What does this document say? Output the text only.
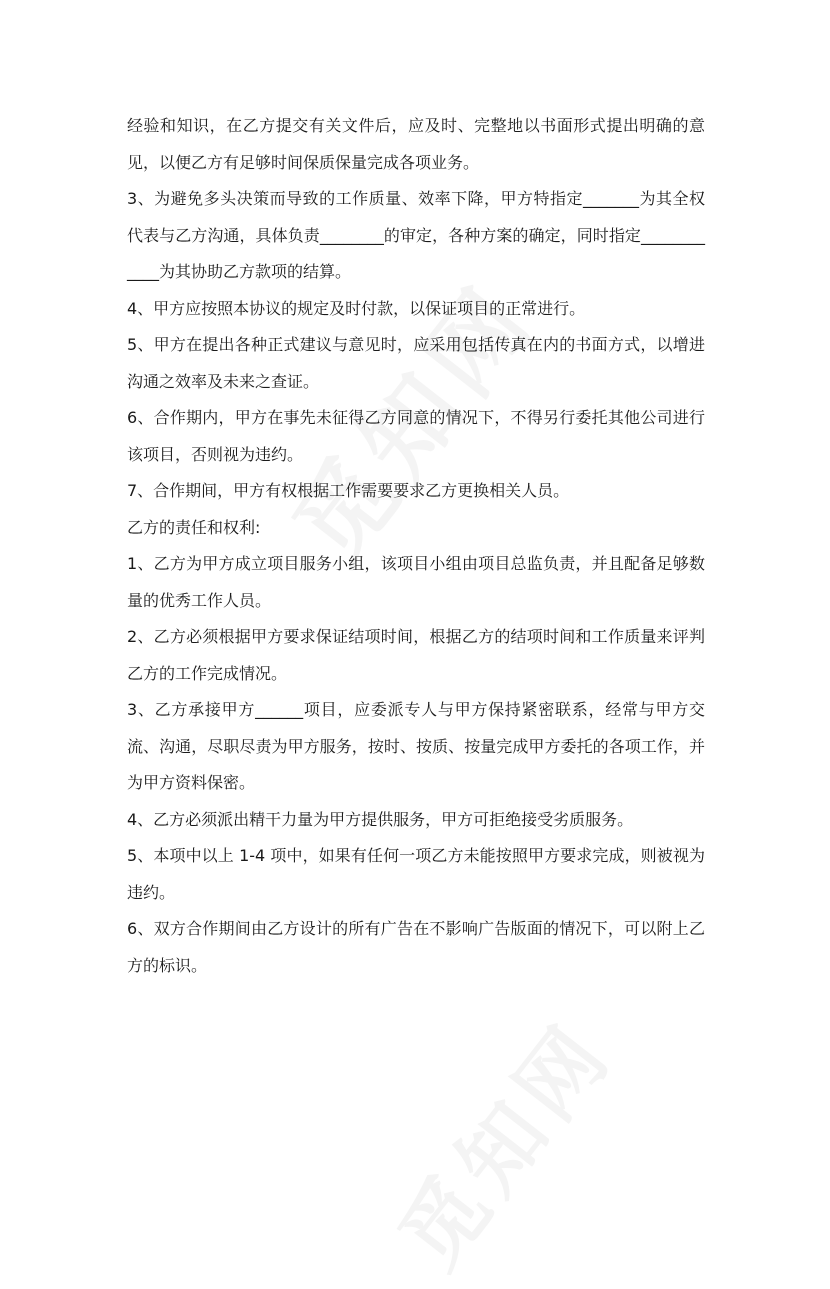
经验和知识，在乙方提交有关文件后，应及时、完整地以书面形式提出明确的意见，以便乙方有足够时间保质保量完成各项业务。

3、为避免多头决策而导致的工作质量、效率下降，甲方特指定_______为其全权代表与乙方沟通，具体负责________的审定，各种方案的确定，同时指定____________为其协助乙方款项的结算。

4、甲方应按照本协议的规定及时付款，以保证项目的正常进行。

5、甲方在提出各种正式建议与意见时，应采用包括传真在内的书面方式，以增进沟通之效率及未来之查证。

6、合作期内，甲方在事先未征得乙方同意的情况下，不得另行委托其他公司进行该项目，否则视为违约。

7、合作期间，甲方有权根据工作需要要求乙方更换相关人员。

乙方的责任和权利:

1、乙方为甲方成立项目服务小组，该项目小组由项目总监负责，并且配备足够数量的优秀工作人员。

2、乙方必须根据甲方要求保证结项时间，根据乙方的结项时间和工作质量来评判乙方的工作完成情况。

3、乙方承接甲方______项目，应委派专人与甲方保持紧密联系，经常与甲方交流、沟通，尽职尽责为甲方服务，按时、按质、按量完成甲方委托的各项工作，并为甲方资料保密。

4、乙方必须派出精干力量为甲方提供服务，甲方可拒绝接受劣质服务。

5、本项中以上 1-4 项中，如果有任何一项乙方未能按照甲方要求完成，则被视为违约。

6、双方合作期间由乙方设计的所有广告在不影响广告版面的情况下，可以附上乙方的标识。
